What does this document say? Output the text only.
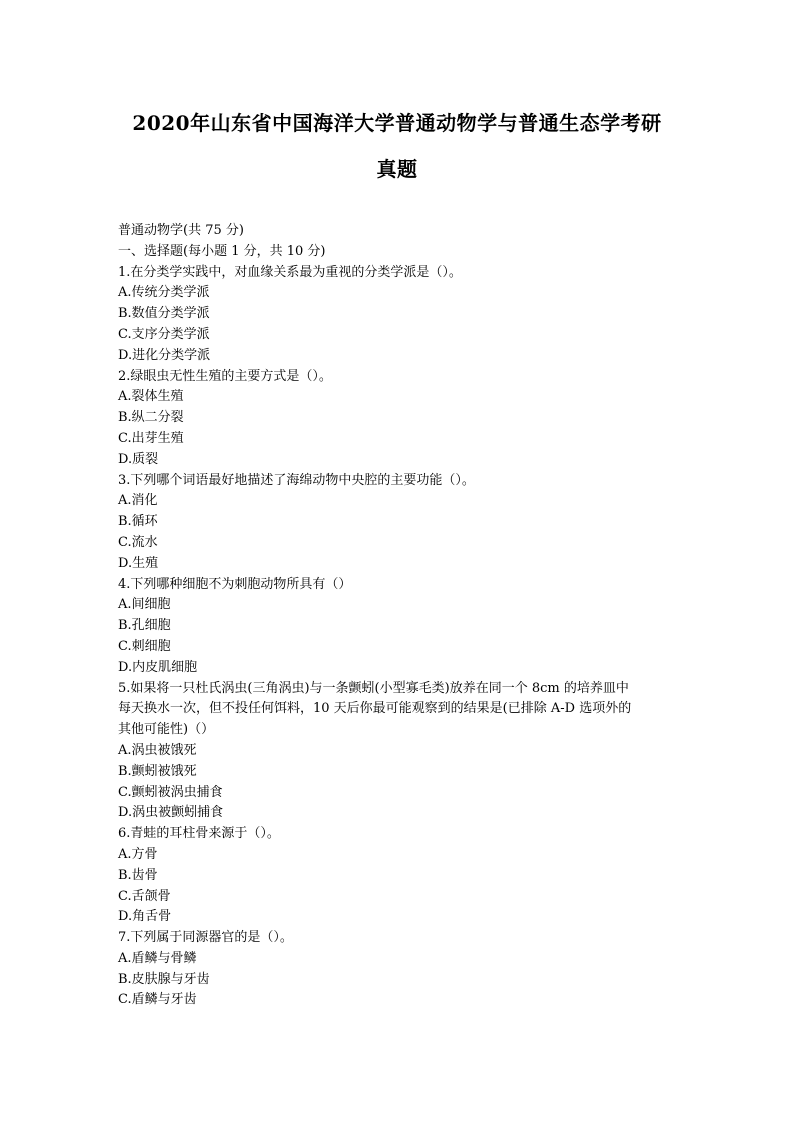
2020年山东省中国海洋大学普通动物学与普通生态学考研
真题
普通动物学(共 75 分)
一、选择题(每小题 1 分，共 10 分)
1.在分类学实践中，对血缘关系最为重视的分类学派是（）。
A.传统分类学派
B.数值分类学派
C.支序分类学派
D.进化分类学派
2.绿眼虫无性生殖的主要方式是（）。
A.裂体生殖
B.纵二分裂
C.出芽生殖
D.质裂
3.下列哪个词语最好地描述了海绵动物中央腔的主要功能（）。
A.消化
B.循环
C.流水
D.生殖
4.下列哪种细胞不为刺胞动物所具有（）
A.间细胞
B.孔细胞
C.刺细胞
D.内皮肌细胞
5.如果将一只杜氏涡虫(三角涡虫)与一条颤蚓(小型寡毛类)放养在同一个 8cm 的培养皿中
每天换水一次，但不投任何饵料，10 天后你最可能观察到的结果是(已排除 A-D 选项外的
其他可能性)（）
A.涡虫被饿死
B.颤蚓被饿死
C.颤蚓被涡虫捕食
D.涡虫被颤蚓捕食
6.青蛙的耳柱骨来源于（）。
A.方骨
B.齿骨
C.舌颌骨
D.角舌骨
7.下列属于同源器官的是（）。
A.盾鳞与骨鳞
B.皮肤腺与牙齿
C.盾鳞与牙齿
